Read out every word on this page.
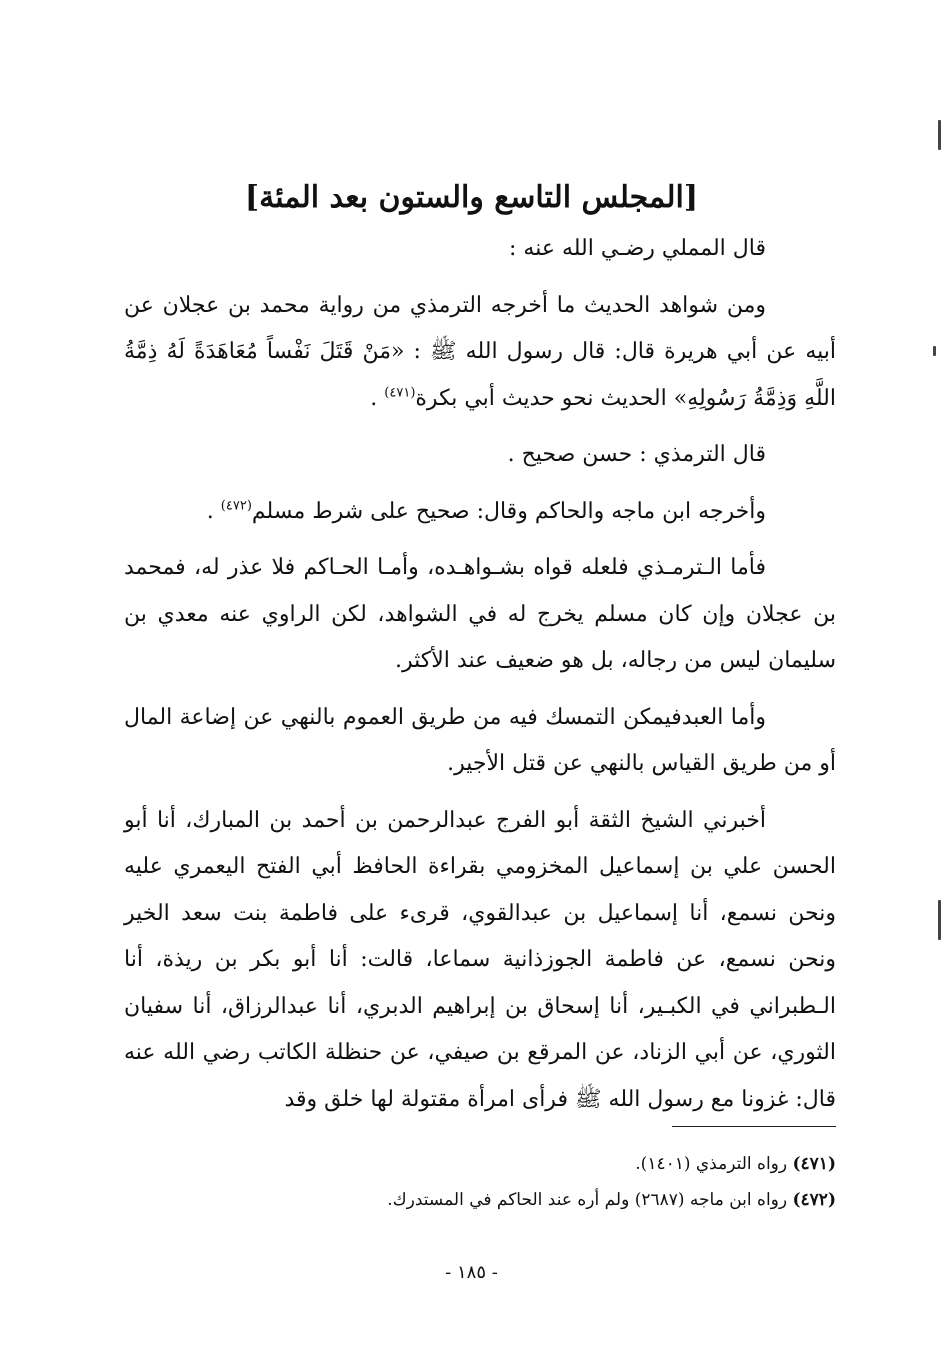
[المجلس التاسع والستون بعد المئة]

قال المملي رضـي الله عنه :

ومن شواهد الحديث ما أخرجه الترمذي من رواية محمد بن عجلان عن أبيه عن أبي هريرة قال: قال رسول الله ﷺ : «مَنْ قَتَلَ نَفْساً مُعَاهَدَةً لَهُ ذِمَّةُ اللَّهِ وَذِمَّةُ رَسُولِهِ» الحديث نحو حديث أبي بكرة$^{(٤٧١)}$ .

قال الترمذي : حسن صحيح .

وأخرجه ابن ماجه والحاكم وقال: صحيح على شرط مسلم$^{(٤٧٢)}$ .

فأما الـترمـذي فلعله قواه بشـواهـده، وأمـا الحـاكم فلا عذر له، فمحمد بن عجلان وإن كان مسلم يخرج له في الشواهد، لكن الراوي عنه معدي بن سليمان ليس من رجاله، بل هو ضعيف عند الأكثر.

وأما العبدفيمكن التمسك فيه من طريق العموم بالنهي عن إضاعة المال أو من طريق القياس بالنهي عن قتل الأجير.

أخبرني الشيخ الثقة أبو الفرج عبدالرحمن بن أحمد بن المبارك، أنا أبو الحسن علي بن إسماعيل المخزومي بقراءة الحافظ أبي الفتح اليعمري عليه ونحن نسمع، أنا إسماعيل بن عبدالقوي، قرىء على فاطمة بنت سعد الخير ونحن نسمع، عن فاطمة الجوزذانية سماعا، قالت: أنا أبو بكر بن ريذة، أنا الـطبراني في الكبـير، أنا إسحاق بن إبراهيم الدبري، أنا عبدالرزاق، أنا سفيان الثوري، عن أبي الزناد، عن المرقع بن صيفي، عن حنظلة الكاتب رضي الله عنه قال: غزونا مع رسول الله ﷺ فرأى امرأة مقتولة لها خلق وقد

(٤٧١) رواه الترمذي (١٤٠١).
(٤٧٢) رواه ابن ماجه (٢٦٨٧) ولم أره عند الحاكم في المستدرك.
- ١٨٥ -
